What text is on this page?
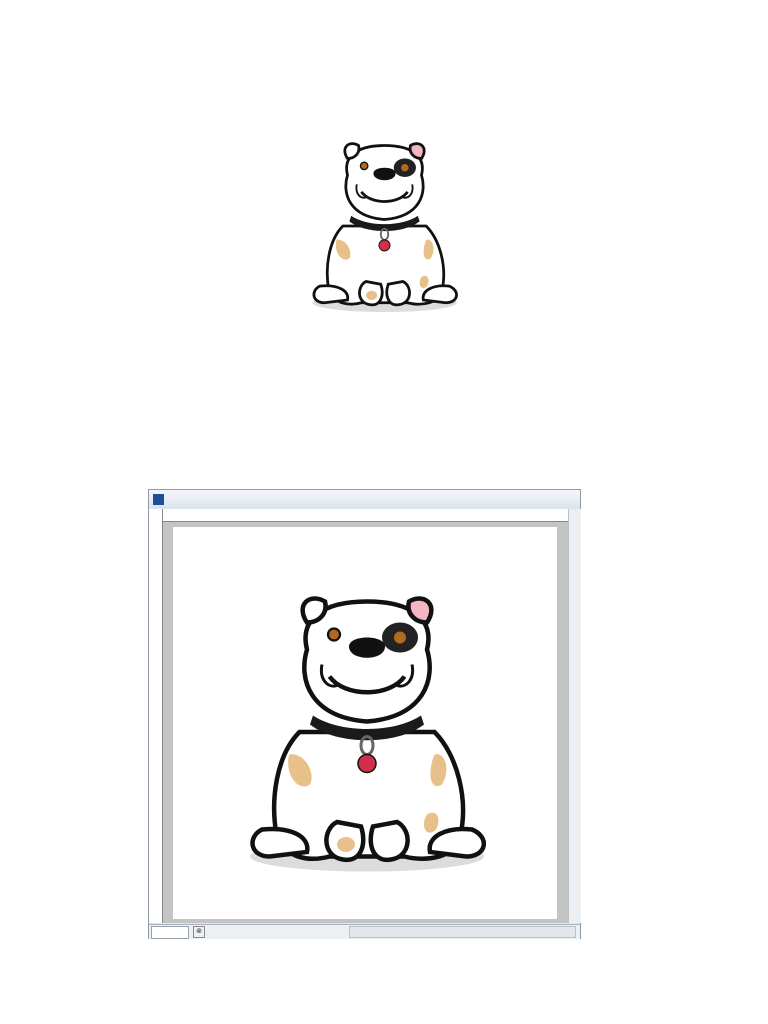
⊚
